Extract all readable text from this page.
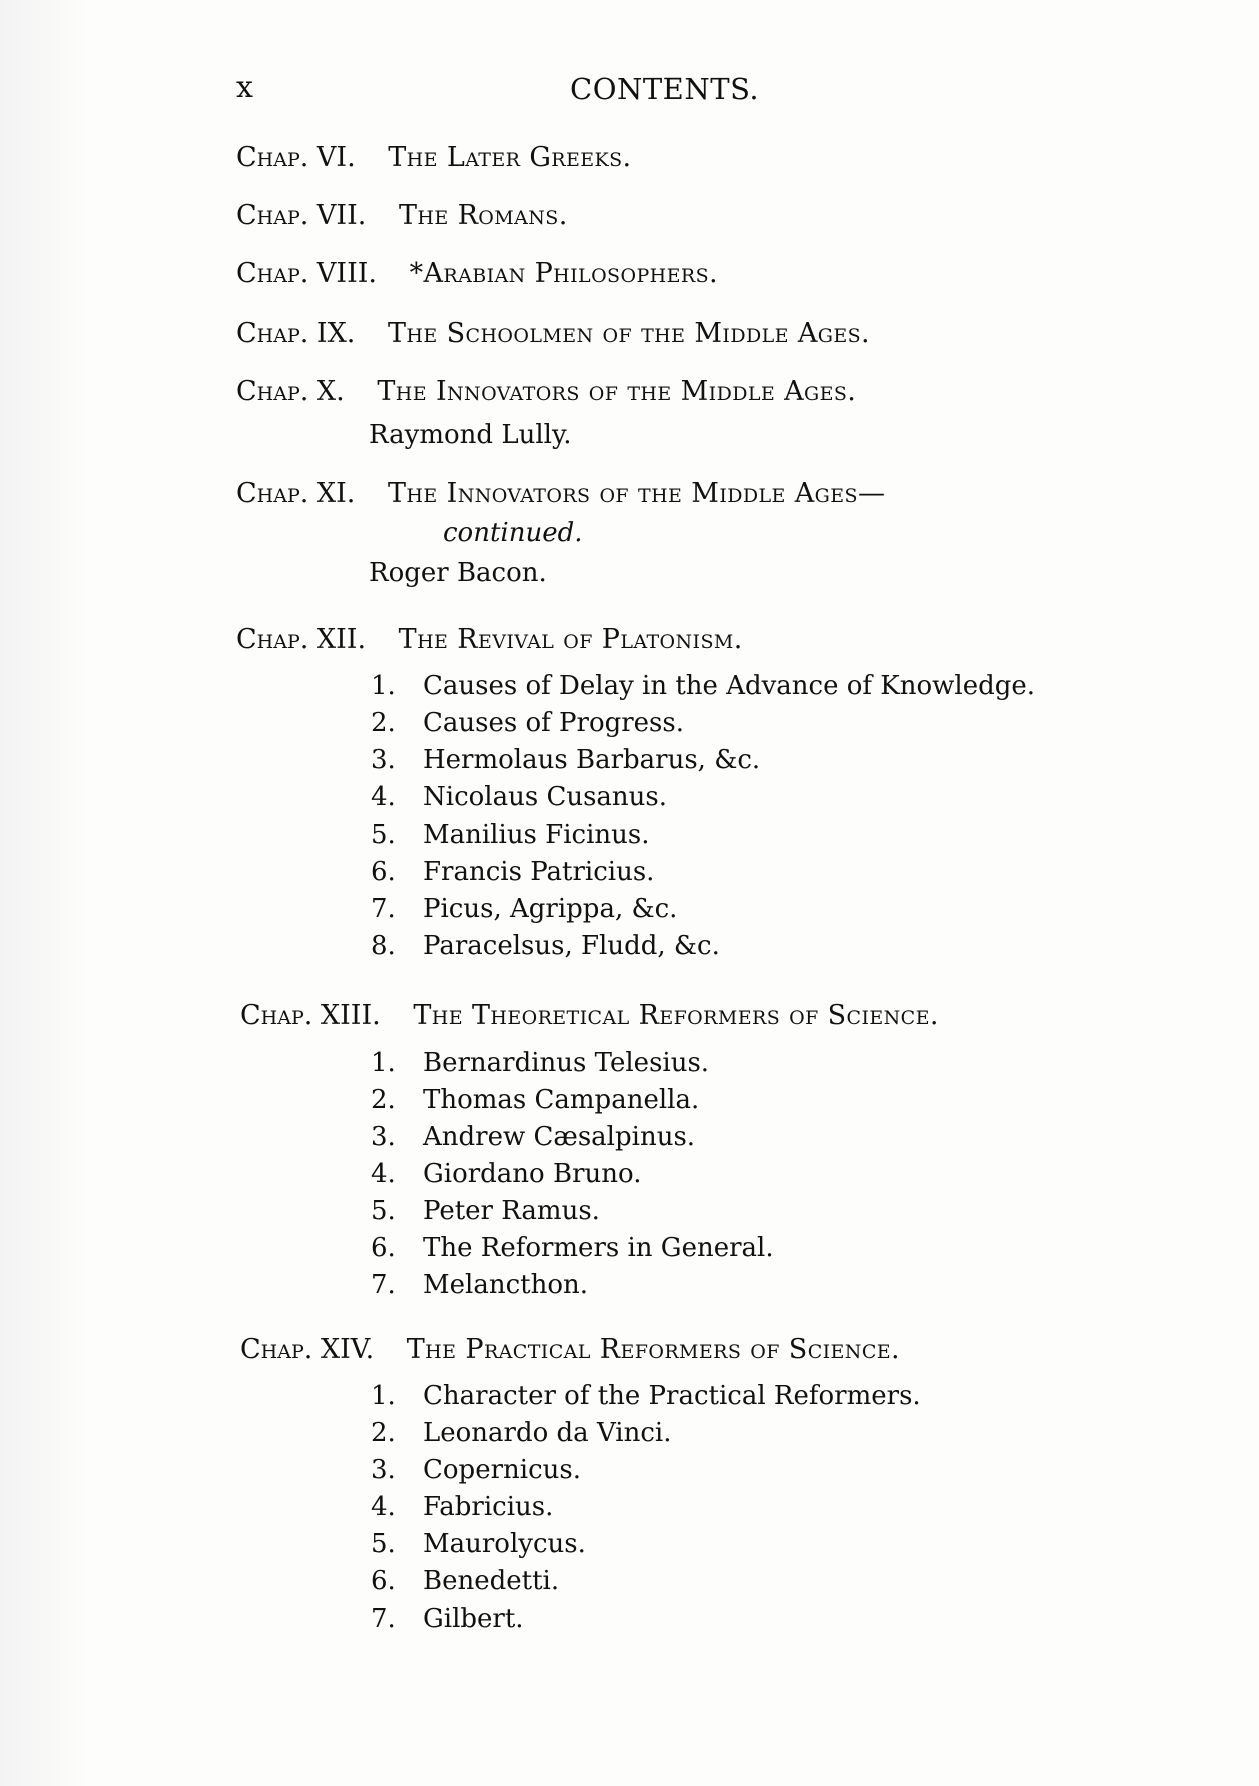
x	CONTENTS.
Chap. VI. The Later Greeks.
Chap. VII. The Romans.
Chap. VIII. *Arabian Philosophers.
Chap. IX. The Schoolmen of the Middle Ages.
Chap. X. The Innovators of the Middle Ages.
Raymond Lully.
Chap. XI. The Innovators of the Middle Ages—
continued.
Roger Bacon.
Chap. XII. The Revival of Platonism.
1. Causes of Delay in the Advance of Knowledge.
2. Causes of Progress.
3. Hermolaus Barbarus, &c.
4. Nicolaus Cusanus.
5. Manilius Ficinus.
6. Francis Patricius.
7. Picus, Agrippa, &c.
8. Paracelsus, Fludd, &c.
Chap. XIII. The Theoretical Reformers of Science.
1. Bernardinus Telesius.
2. Thomas Campanella.
3. Andrew Cæsalpinus.
4. Giordano Bruno.
5. Peter Ramus.
6. The Reformers in General.
7. Melancthon.
Chap. XIV. The Practical Reformers of Science.
1. Character of the Practical Reformers.
2. Leonardo da Vinci.
3. Copernicus.
4. Fabricius.
5. Maurolycus.
6. Benedetti.
7. Gilbert.
